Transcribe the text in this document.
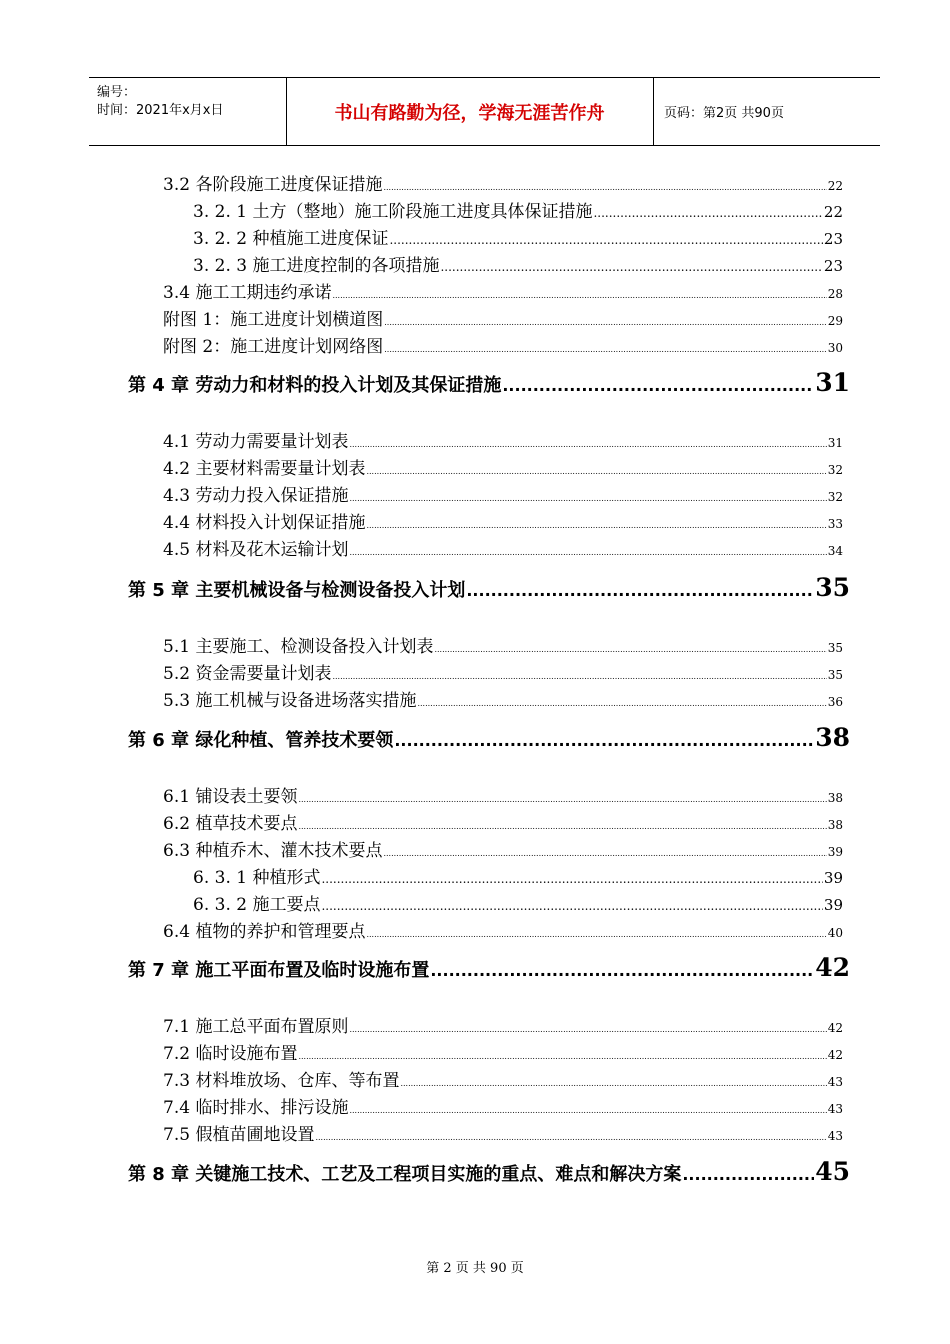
编号：
时间：2021年x月x日	书山有路勤为径，学海无涯苦作舟	页码：第2页 共90页
3.2 各阶段施工进度保证措施 .....	22
3. 2. 1 土方（整地）施工阶段施工进度具体保证措施 .....	22
3. 2. 2 种植施工进度保证 .....	23
3. 2. 3 施工进度控制的各项措施 .....	23
3.4 施工工期违约承诺 .....	28
附图 1：施工进度计划横道图 .....	29
附图 2：施工进度计划网络图 .....	30
第 4 章 劳动力和材料的投入计划及其保证措施 .....	31
4.1 劳动力需要量计划表 .....	31
4.2 主要材料需要量计划表 .....	32
4.3 劳动力投入保证措施 .....	32
4.4 材料投入计划保证措施 .....	33
4.5 材料及花木运输计划 .....	34
第 5 章 主要机械设备与检测设备投入计划 .....	35
5.1 主要施工、检测设备投入计划表 .....	35
5.2 资金需要量计划表 .....	35
5.3 施工机械与设备进场落实措施 .....	36
第 6 章 绿化种植、管养技术要领 .....	38
6.1 铺设表土要领 .....	38
6.2 植草技术要点 .....	38
6.3 种植乔木、灌木技术要点 .....	39
6. 3. 1 种植形式 .....	39
6. 3. 2 施工要点 .....	39
6.4 植物的养护和管理要点 .....	40
第 7 章 施工平面布置及临时设施布置 .....	42
7.1 施工总平面布置原则 .....	42
7.2 临时设施布置 .....	42
7.3 材料堆放场、仓库、等布置 .....	43
7.4 临时排水、排污设施 .....	43
7.5 假植苗圃地设置 .....	43
第 8 章 关键施工技术、工艺及工程项目实施的重点、难点和解决方案 .....	45
第 2 页 共 90 页
